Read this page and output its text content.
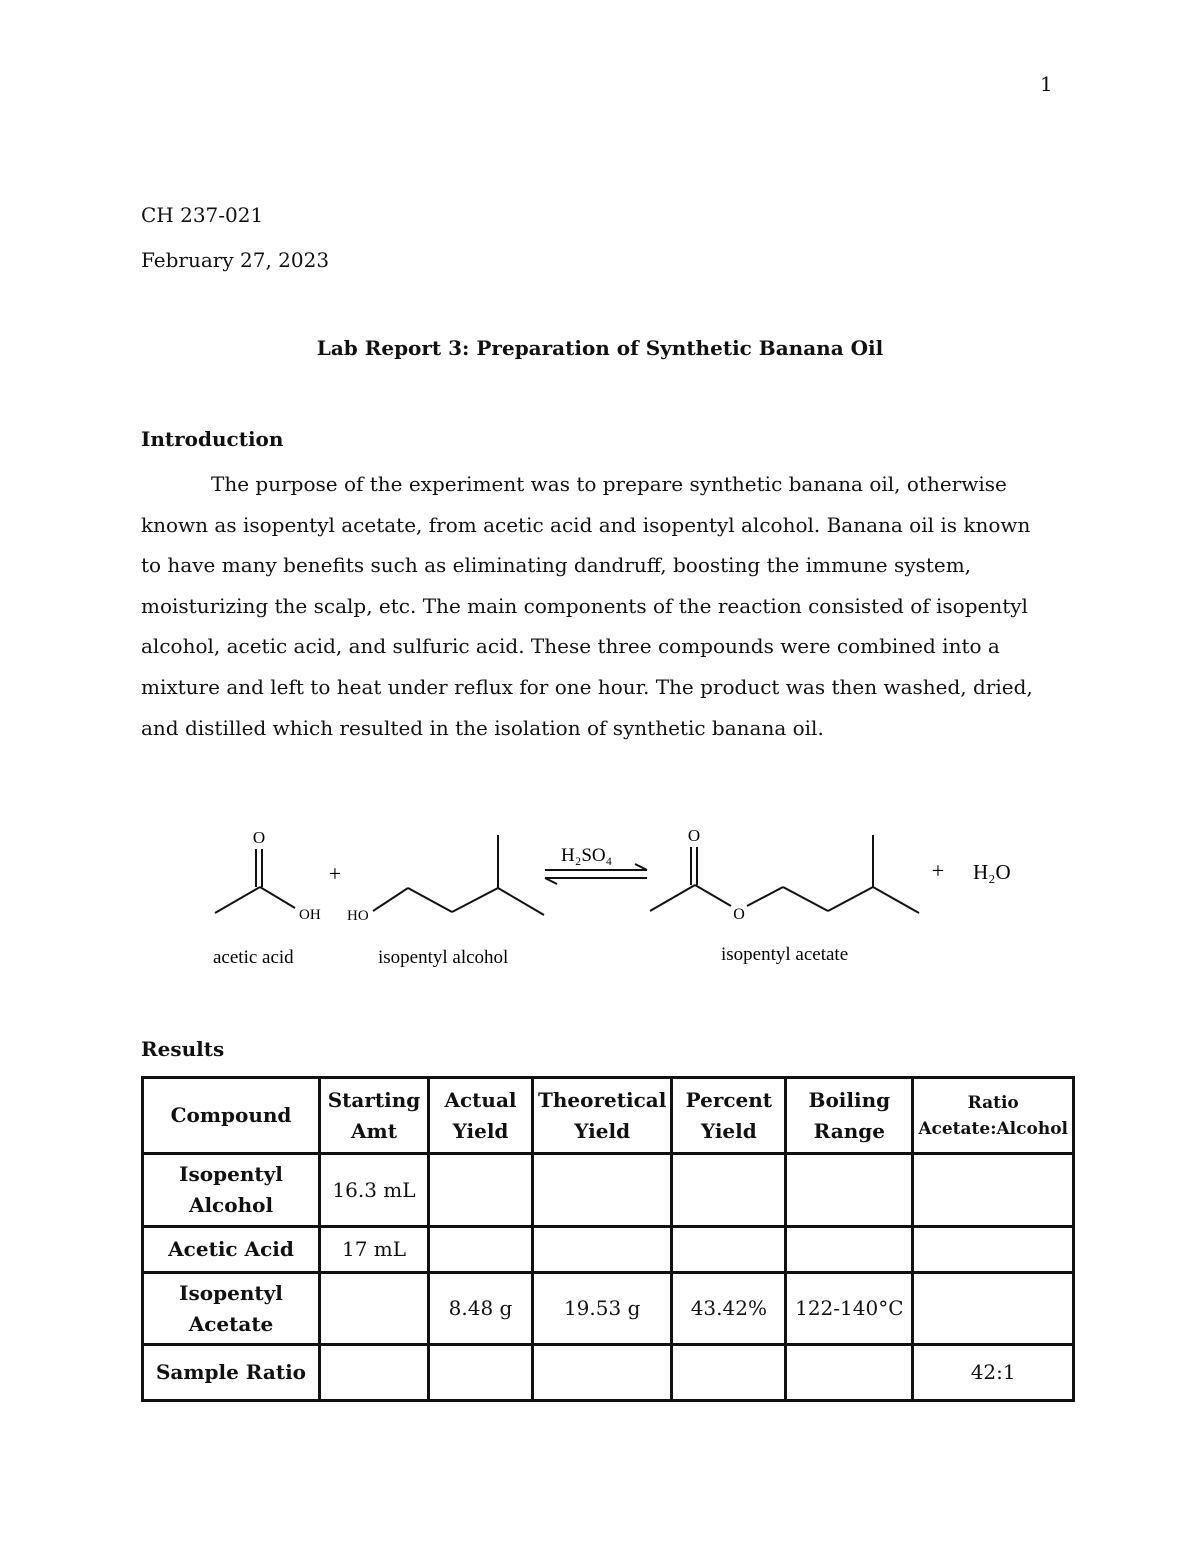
1
CH 237-021
February 27, 2023
Lab Report 3: Preparation of Synthetic Banana Oil
Introduction

The purpose of the experiment was to prepare synthetic banana oil, otherwise known as isopentyl acetate, from acetic acid and isopentyl alcohol. Banana oil is known to have many benefits such as eliminating dandruff, boosting the immune system, moisturizing the scalp, etc. The main components of the reaction consisted of isopentyl alcohol, acetic acid, and sulfuric acid. These three compounds were combined into a mixture and left to heat under reflux for one hour. The product was then washed, dried, and distilled which resulted in the isolation of synthetic banana oil.

O
OH
acetic acid
+
HO
isopentyl alcohol
H₂SO₄
O
O
isopentyl acetate
+ H₂O
Results
Compound	Starting Amt	Actual Yield	Theoretical Yield	Percent Yield	Boiling Range	Ratio Acetate:Alcohol
Isopentyl Alcohol	16.3 mL					
Acetic Acid	17 mL					
Isopentyl Acetate		8.48 g	19.53 g	43.42%	122-140°C	
Sample Ratio						42:1
